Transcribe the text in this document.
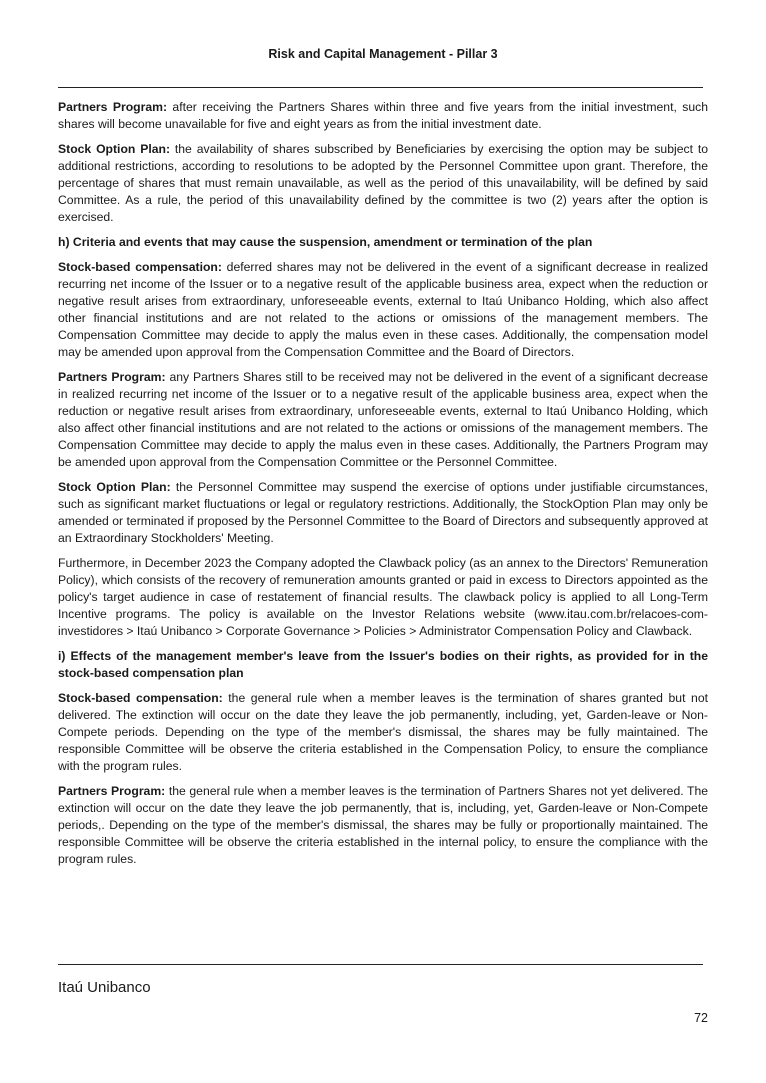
Risk and Capital Management - Pillar 3

Partners Program: after receiving the Partners Shares within three and five years from the initial investment, such shares will become unavailable for five and eight years as from the initial investment date.

Stock Option Plan: the availability of shares subscribed by Beneficiaries by exercising the option may be subject to additional restrictions, according to resolutions to be adopted by the Personnel Committee upon grant. Therefore, the percentage of shares that must remain unavailable, as well as the period of this unavailability, will be defined by said Committee. As a rule, the period of this unavailability defined by the committee is two (2) years after the option is exercised.

h) Criteria and events that may cause the suspension, amendment or termination of the plan

Stock-based compensation: deferred shares may not be delivered in the event of a significant decrease in realized recurring net income of the Issuer or to a negative result of the applicable business area, expect when the reduction or negative result arises from extraordinary, unforeseeable events, external to Itaú Unibanco Holding, which also affect other financial institutions and are not related to the actions or omissions of the management members. The Compensation Committee may decide to apply the malus even in these cases. Additionally, the compensation model may be amended upon approval from the Compensation Committee and the Board of Directors.

Partners Program: any Partners Shares still to be received may not be delivered in the event of a significant decrease in realized recurring net income of the Issuer or to a negative result of the applicable business area, expect when the reduction or negative result arises from extraordinary, unforeseeable events, external to Itaú Unibanco Holding, which also affect other financial institutions and are not related to the actions or omissions of the management members. The Compensation Committee may decide to apply the malus even in these cases. Additionally, the Partners Program may be amended upon approval from the Compensation Committee or the Personnel Committee.

Stock Option Plan: the Personnel Committee may suspend the exercise of options under justifiable circumstances, such as significant market fluctuations or legal or regulatory restrictions. Additionally, the StockOption Plan may only be amended or terminated if proposed by the Personnel Committee to the Board of Directors and subsequently approved at an Extraordinary Stockholders' Meeting.

Furthermore, in December 2023 the Company adopted the Clawback policy (as an annex to the Directors' Remuneration Policy), which consists of the recovery of remuneration amounts granted or paid in excess to Directors appointed as the policy's target audience in case of restatement of financial results. The clawback policy is applied to all Long-Term Incentive programs. The policy is available on the Investor Relations website (www.itau.com.br/relacoes-com-investidores > Itaú Unibanco > Corporate Governance > Policies > Administrator Compensation Policy and Clawback.

i) Effects of the management member's leave from the Issuer's bodies on their rights, as provided for in the stock-based compensation plan

Stock-based compensation: the general rule when a member leaves is the termination of shares granted but not delivered. The extinction will occur on the date they leave the job permanently, including, yet, Garden-leave or Non-Compete periods. Depending on the type of the member's dismissal, the shares may be fully maintained. The responsible Committee will be observe the criteria established in the Compensation Policy, to ensure the compliance with the program rules.

Partners Program: the general rule when a member leaves is the termination of Partners Shares not yet delivered. The extinction will occur on the date they leave the job permanently, that is, including, yet, Garden-leave or Non-Compete periods,. Depending on the type of the member's dismissal, the shares may be fully or proportionally maintained. The responsible Committee will be observe the criteria established in the internal policy, to ensure the compliance with the program rules.

Itaú Unibanco
72
